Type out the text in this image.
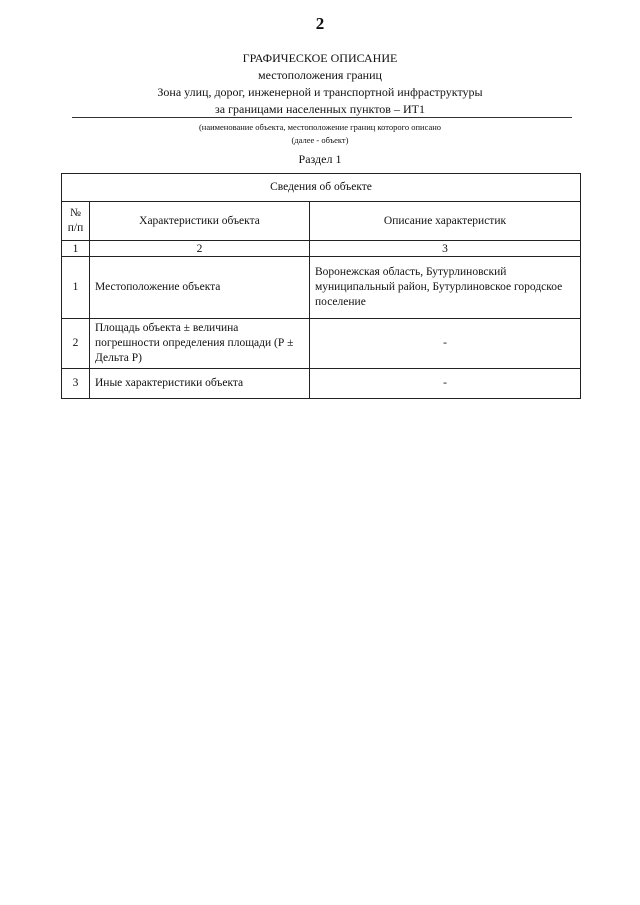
2
ГРАФИЧЕСКОЕ ОПИСАНИЕ
местоположения границ
Зона улиц, дорог, инженерной и транспортной инфраструктуры
за границами населенных пунктов – ИТ1
(наименование объекта, местоположение границ которого описано
(далее - объект)
Раздел 1
Сведения об объекте		
№ п/п	Характеристики объекта	Описание характеристик
1	2	3
1	Местоположение объекта	Воронежская область, Бутурлиновский муниципальный район, Бутурлиновское городское поселение
2	Площадь объекта ± величина погрешности определения площади (Р ± Дельта Р)	-
3	Иные характеристики объекта	-
